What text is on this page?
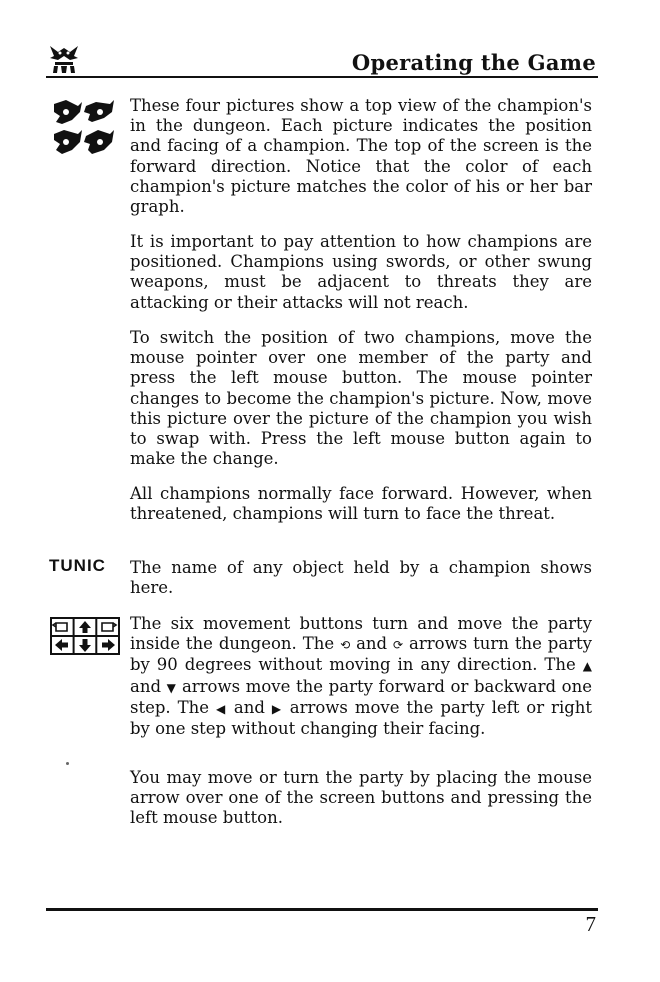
Operating the Game

These four pictures show a top view of the champion's in the dungeon. Each picture indicates the position and facing of a champion. The top of the screen is the forward direction. Notice that the color of each champion's picture matches the color of his or her bar graph.

It is important to pay attention to how champions are positioned. Champions using swords, or other swung weapons, must be adjacent to threats they are attacking or their attacks will not reach.

To switch the position of two champions, move the mouse pointer over one member of the party and press the left mouse button. The mouse pointer changes to become the champion's picture. Now, move this picture over the picture of the champion you wish to swap with. Press the left mouse button again to make the change.

All champions normally face forward. However, when threatened, champions will turn to face the threat.

TUNIC The name of any object held by a champion shows here.

The six movement buttons turn and move the party inside the dungeon. The ⟲ and ⟳ arrows turn the party by 90 degrees without moving in any direction. The ▲ and ▼ arrows move the party forward or backward one step. The ◀ and ▶ arrows move the party left or right by one step without changing their facing.

You may move or turn the party by placing the mouse arrow over one of the screen buttons and pressing the left mouse button.

7
